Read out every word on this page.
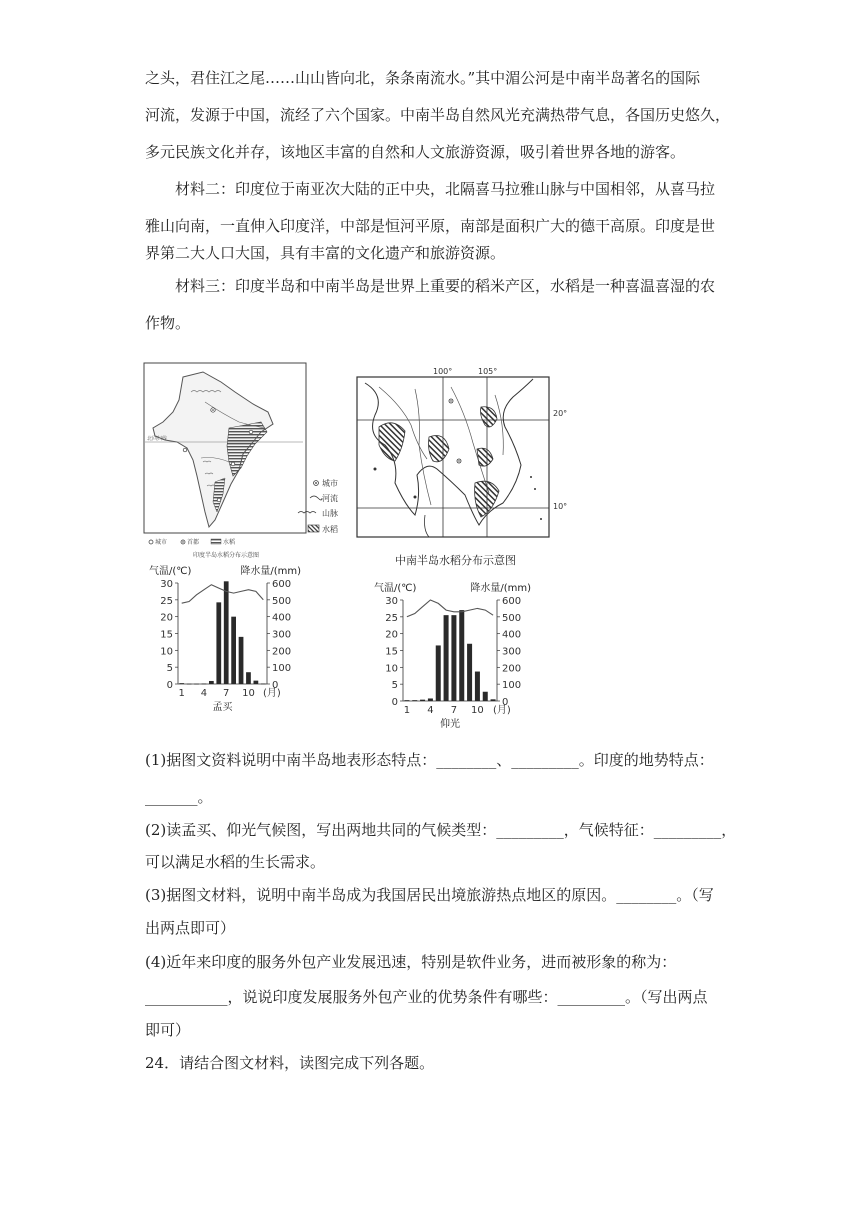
之头，君住江之尾……山山皆向北，条条南流水。”其中湄公河是中南半岛著名的国际
河流，发源于中国，流经了六个国家。中南半岛自然风光充满热带气息，各国历史悠久，
多元民族文化并存，该地区丰富的自然和人文旅游资源，吸引着世界各地的游客。
材料二：印度位于南亚次大陆的正中央，北隔喜马拉雅山脉与中国相邻，从喜马拉
雅山向南，一直伸入印度洋，中部是恒河平原，南部是面积广大的德干高原。印度是世
界第二大人口大国，具有丰富的文化遗产和旅游资源。
材料三：印度半岛和中南半岛是世界上重要的稻米产区，水稻是一种喜温喜湿的农
作物。
北回归线
城市	首都	水稻
印度半岛水稻分布示意图
城市
河流
山脉
水稻
100°	105°
20°
10°
中南半岛水稻分布示意图
气温/(℃)	降水量/(mm)
0
5
10
15
20
25
30
0
100
200
300
400
500
600
1 4 7 10 (月)
孟买
气温/(℃)	降水量/(mm)
0
5
10
15
20
25
30
0
100
200
300
400
500
600
1 4 7 10 (月)
仰光
(1)据图文资料说明中南半岛地表形态特点：________、_________。印度的地势特点：
_______。
(2)读孟买、仰光气候图，写出两地共同的气候类型：_________，气候特征：_________，
可以满足水稻的生长需求。
(3)据图文材料，说明中南半岛成为我国居民出境旅游热点地区的原因。________。（写
出两点即可）
(4)近年来印度的服务外包产业发展迅速，特别是软件业务，进而被形象的称为：
___________，说说印度发展服务外包产业的优势条件有哪些：_________。（写出两点
即可）
24．请结合图文材料，读图完成下列各题。
